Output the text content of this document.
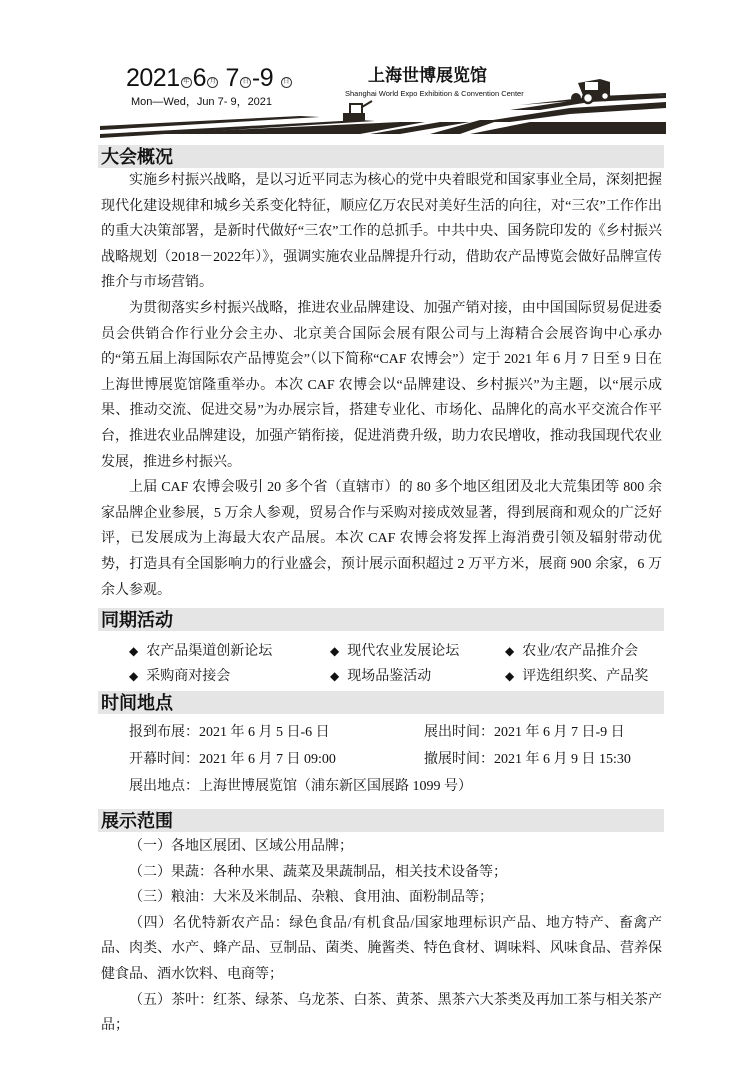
2021 年 6 月 7 日 -9 日
Mon—Wed，Jun 7- 9，2021
上海世博展览馆
Shanghai World Expo Exhibition & Convention Center
大会概况

实施乡村振兴战略，是以习近平同志为核心的党中央着眼党和国家事业全局，深刻把握现代化建设规律和城乡关系变化特征，顺应亿万农民对美好生活的向往，对“三农”工作作出的重大决策部署，是新时代做好“三农”工作的总抓手。中共中央、国务院印发的《乡村振兴战略规划（2018－2022年）》，强调实施农业品牌提升行动，借助农产品博览会做好品牌宣传推介与市场营销。

为贯彻落实乡村振兴战略，推进农业品牌建设、加强产销对接，由中国国际贸易促进委员会供销合作行业分会主办、北京美合国际会展有限公司与上海精合会展咨询中心承办的“第五届上海国际农产品博览会”（以下简称“CAF 农博会”）定于 2021 年 6 月 7 日至 9 日在上海世博展览馆隆重举办。本次 CAF 农博会以“品牌建设、乡村振兴”为主题，以“展示成果、推动交流、促进交易”为办展宗旨，搭建专业化、市场化、品牌化的高水平交流合作平台，推进农业品牌建设，加强产销衔接，促进消费升级，助力农民增收，推动我国现代农业发展，推进乡村振兴。

上届 CAF 农博会吸引 20 多个省（直辖市）的 80 多个地区组团及北大荒集团等 800 余家品牌企业参展，5 万余人参观，贸易合作与采购对接成效显著，得到展商和观众的广泛好评，已发展成为上海最大农产品展。本次 CAF 农博会将发挥上海消费引领及辐射带动优势，打造具有全国影响力的行业盛会，预计展示面积超过 2 万平方米，展商 900 余家，6 万余人参观。

同期活动
◆ 农产品渠道创新论坛	◆ 现代农业发展论坛	◆ 农业/农产品推介会
◆ 采购商对接会	◆ 现场品鉴活动	◆ 评选组织奖、产品奖
时间地点
报到布展：2021 年 6 月 5 日-6 日	展出时间：2021 年 6 月 7 日-9 日
开幕时间：2021 年 6 月 7 日 09:00	撤展时间：2021 年 6 月 9 日 15:30
展出地点：上海世博展览馆（浦东新区国展路 1099 号）
展示范围

（一）各地区展团、区域公用品牌；

（二）果蔬：各种水果、蔬菜及果蔬制品，相关技术设备等；

（三）粮油：大米及米制品、杂粮、食用油、面粉制品等；

（四）名优特新农产品：绿色食品/有机食品/国家地理标识产品、地方特产、畜禽产品、肉类、水产、蜂产品、豆制品、菌类、腌酱类、特色食材、调味料、风味食品、营养保健食品、酒水饮料、电商等；

（五）茶叶：红茶、绿茶、乌龙茶、白茶、黄茶、黑茶六大茶类及再加工茶与相关茶产品；
